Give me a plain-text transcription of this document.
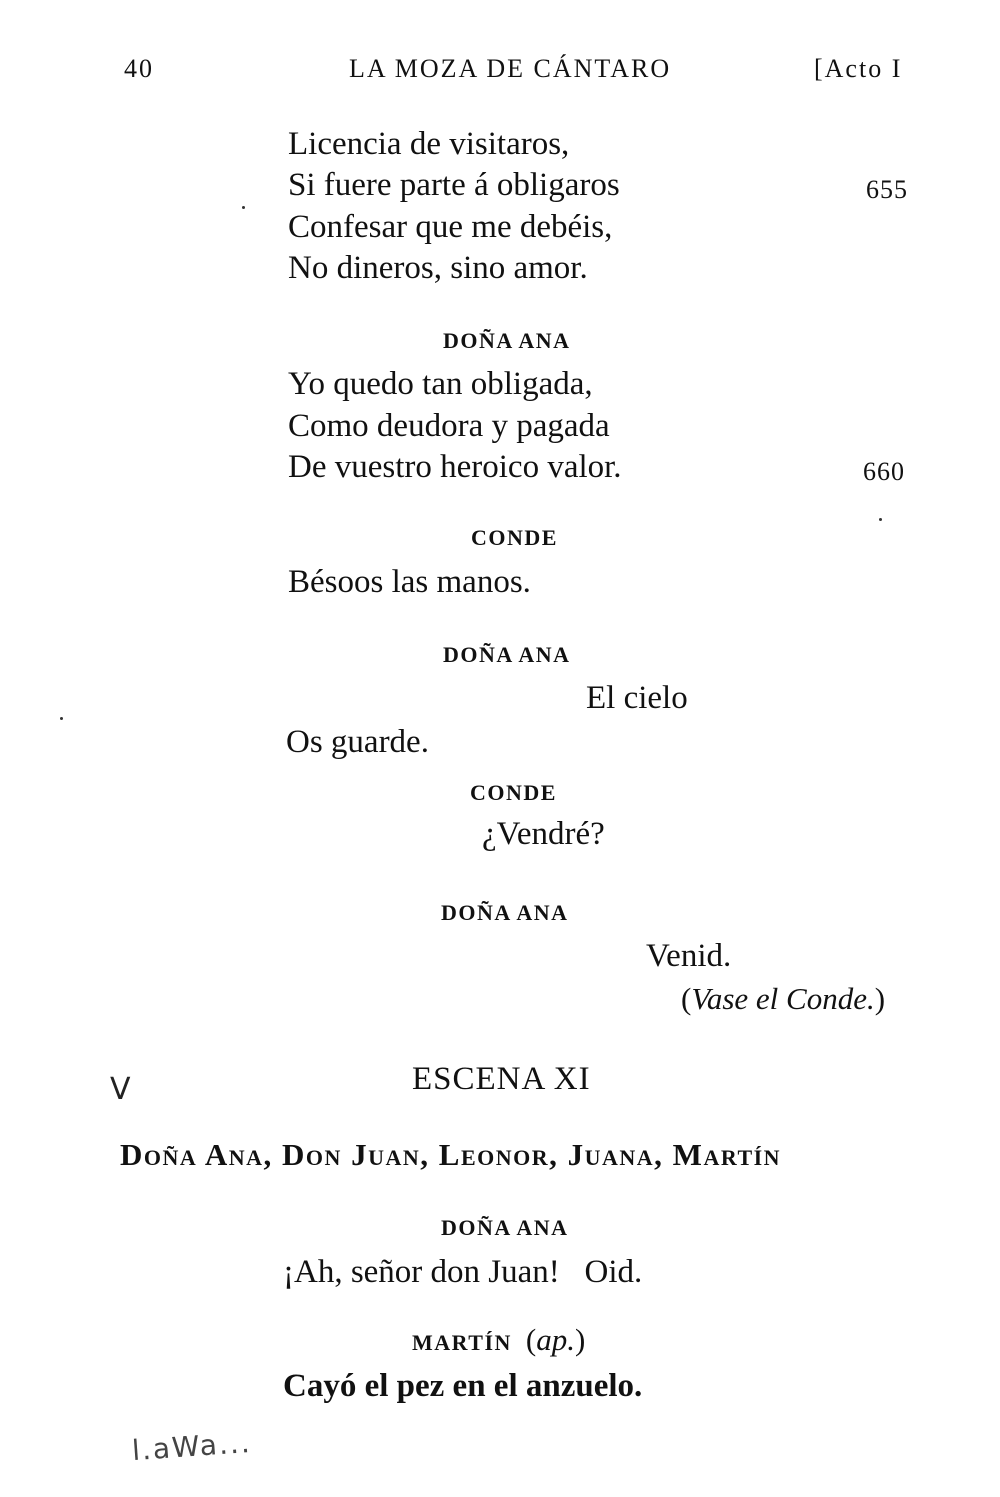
40	LA MOZA DE CÁNTARO	[Acto I
Licencia de visitaros,
Si fuere parte á obligaros	655
Confesar que me debéis,
No dineros, sino amor.
DOÑA ANA
Yo quedo tan obligada,
Como deudora y pagada
De vuestro heroico valor.	660
CONDE
Bésoos las manos.
DOÑA ANA
El cielo
Os guarde.
CONDE
¿Vendré?
DOÑA ANA
Venid.
(Vase el Conde.)
V	ESCENA XI
Doña Ana, Don Juan, Leonor, Juana, Martín
DOÑA ANA
¡Ah, señor don Juan!   Oid.
MARTÍN (ap.)
Cayó el pez en el anzuelo.
l.aWa...
